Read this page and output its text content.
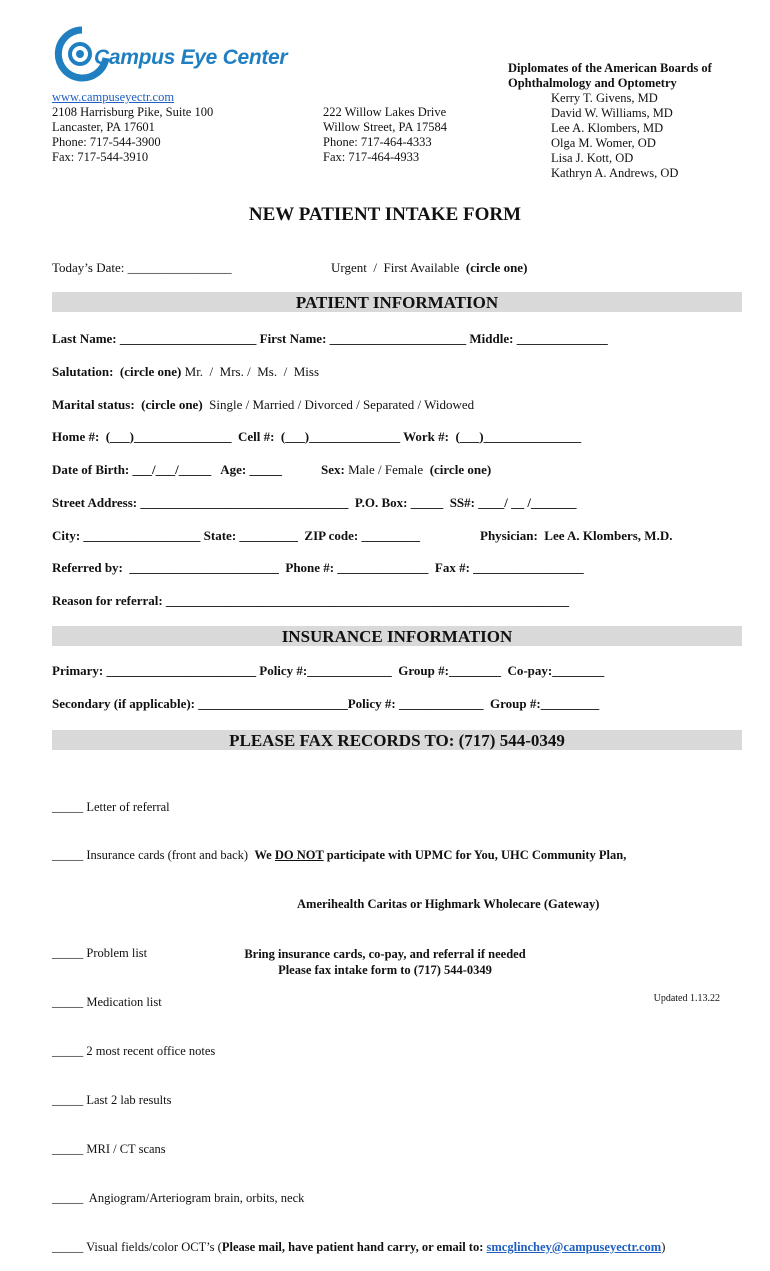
Campus Eye Center
www.campuseyectr.com
2108 Harrisburg Pike, Suite 100
Lancaster, PA 17601
Phone: 717-544-3900
Fax: 717-544-3910
222 Willow Lakes Drive
Willow Street, PA 17584
Phone: 717-464-4333
Fax: 717-464-4933
Diplomates of the American Boards of
Ophthalmology and Optometry
Kerry T. Givens, MD
David W. Williams, MD
Lee A. Klombers, MD
Olga M. Womer, OD
Lisa J. Kott, OD
Kathryn A. Andrews, OD
NEW PATIENT INTAKE FORM
Today’s Date: ________________	Urgent  /  First Available (circle one)
PATIENT INFORMATION
Last Name: _____________________ First Name: _____________________ Middle: ______________
Salutation:  (circle one) Mr.  /  Mrs. /  Ms.  /  Miss
Marital status:  (circle one)  Single / Married / Divorced / Separated / Widowed
Home #:  (___)_______________  Cell #:  (___)______________ Work #:  (___)_______________
Date of Birth: ___/___/_____   Age: _____	Sex: Male / Female  (circle one)
Street Address: ________________________________  P.O. Box: _____  SS#: ____/ __ /_______
City: __________________ State: _________  ZIP code: _________	Physician:  Lee A. Klombers, M.D.
Referred by:  _______________________  Phone #: ______________  Fax #: _________________
Reason for referral: ______________________________________________________________
INSURANCE INFORMATION
Primary: _______________________ Policy #:_____________  Group #:________  Co-pay:________
Secondary (if applicable): _______________________Policy #: _____________  Group #:_________
PLEASE FAX RECORDS TO: (717) 544-0349

_____ Letter of referral

_____ Insurance cards (front and back) We DO NOT participate with UPMC for You, UHC Community Plan,

Amerihealth Caritas or Highmark Wholecare (Gateway)

_____ Problem list

_____ Medication list

_____ 2 most recent office notes

_____ Last 2 lab results

_____ MRI / CT scans

_____  Angiogram/Arteriogram brain, orbits, neck

_____ Visual fields/color OCT’s (Please mail, have patient hand carry, or email to: smcglinchey@campuseyectr.com)

Bring insurance cards, co-pay, and referral if needed
Please fax intake form to (717) 544-0349
Updated 1.13.22
